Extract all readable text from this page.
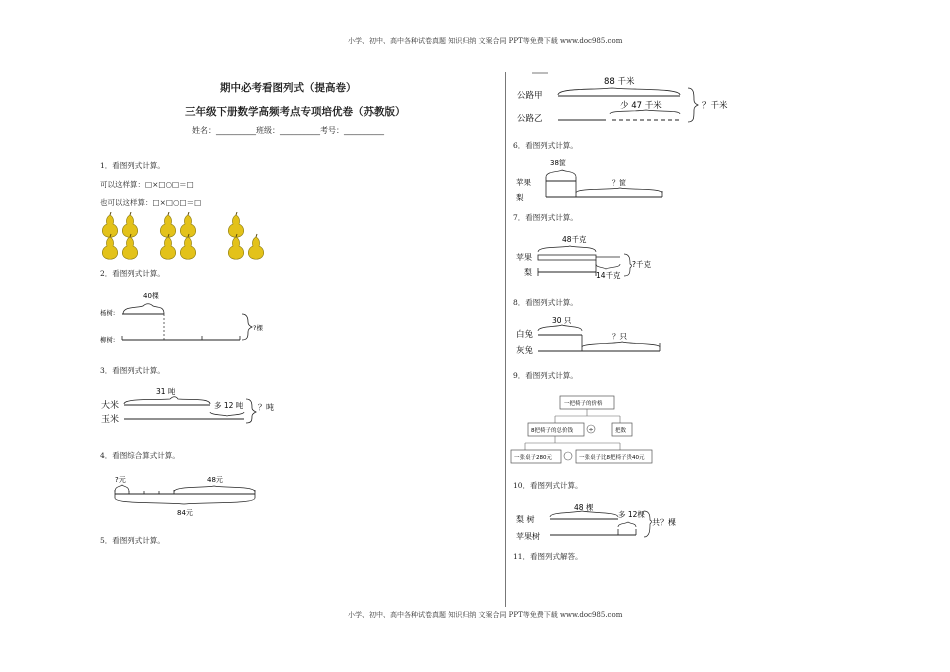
小学、初中、高中各种试卷真题 知识归纳 文案合同 PPT等免费下载 www.doc985.com
小学、初中、高中各种试卷真题 知识归纳 文案合同 PPT等免费下载 www.doc985.com
期中必考看图列式（提高卷）
三年级下册数学高频考点专项培优卷（苏教版）
姓名：__________班级：__________考号：__________
1．看图列式计算。
可以这样算：□×□○□＝□
也可以这样算：□×□○□＝□
2．看图列式计算。
40棵
杨树:
柳树:
?棵
3．看图列式计算。
31 吨
大米	多 12 吨
玉米
？吨
4．看图综合算式计算。
?元	48元
84元
5．看图列式计算。
88 千米
公路甲
少 47 千米
公路乙
？千米
6．看图列式计算。
38筐
苹果	？筐
梨
7．看图列式计算。
48千克
苹果
梨	14千克
?千克
8．看图列式计算。
30 只
白兔	？只
灰兔
9．看图列式计算。
一把椅子的价格
8把椅子的总价钱	÷	把数
一张桌子280元	一张桌子比8把椅子贵40元
10．看图列式计算。
48 棵
梨 树
多 12棵
苹果树
共？棵
11．看图列式解答。
